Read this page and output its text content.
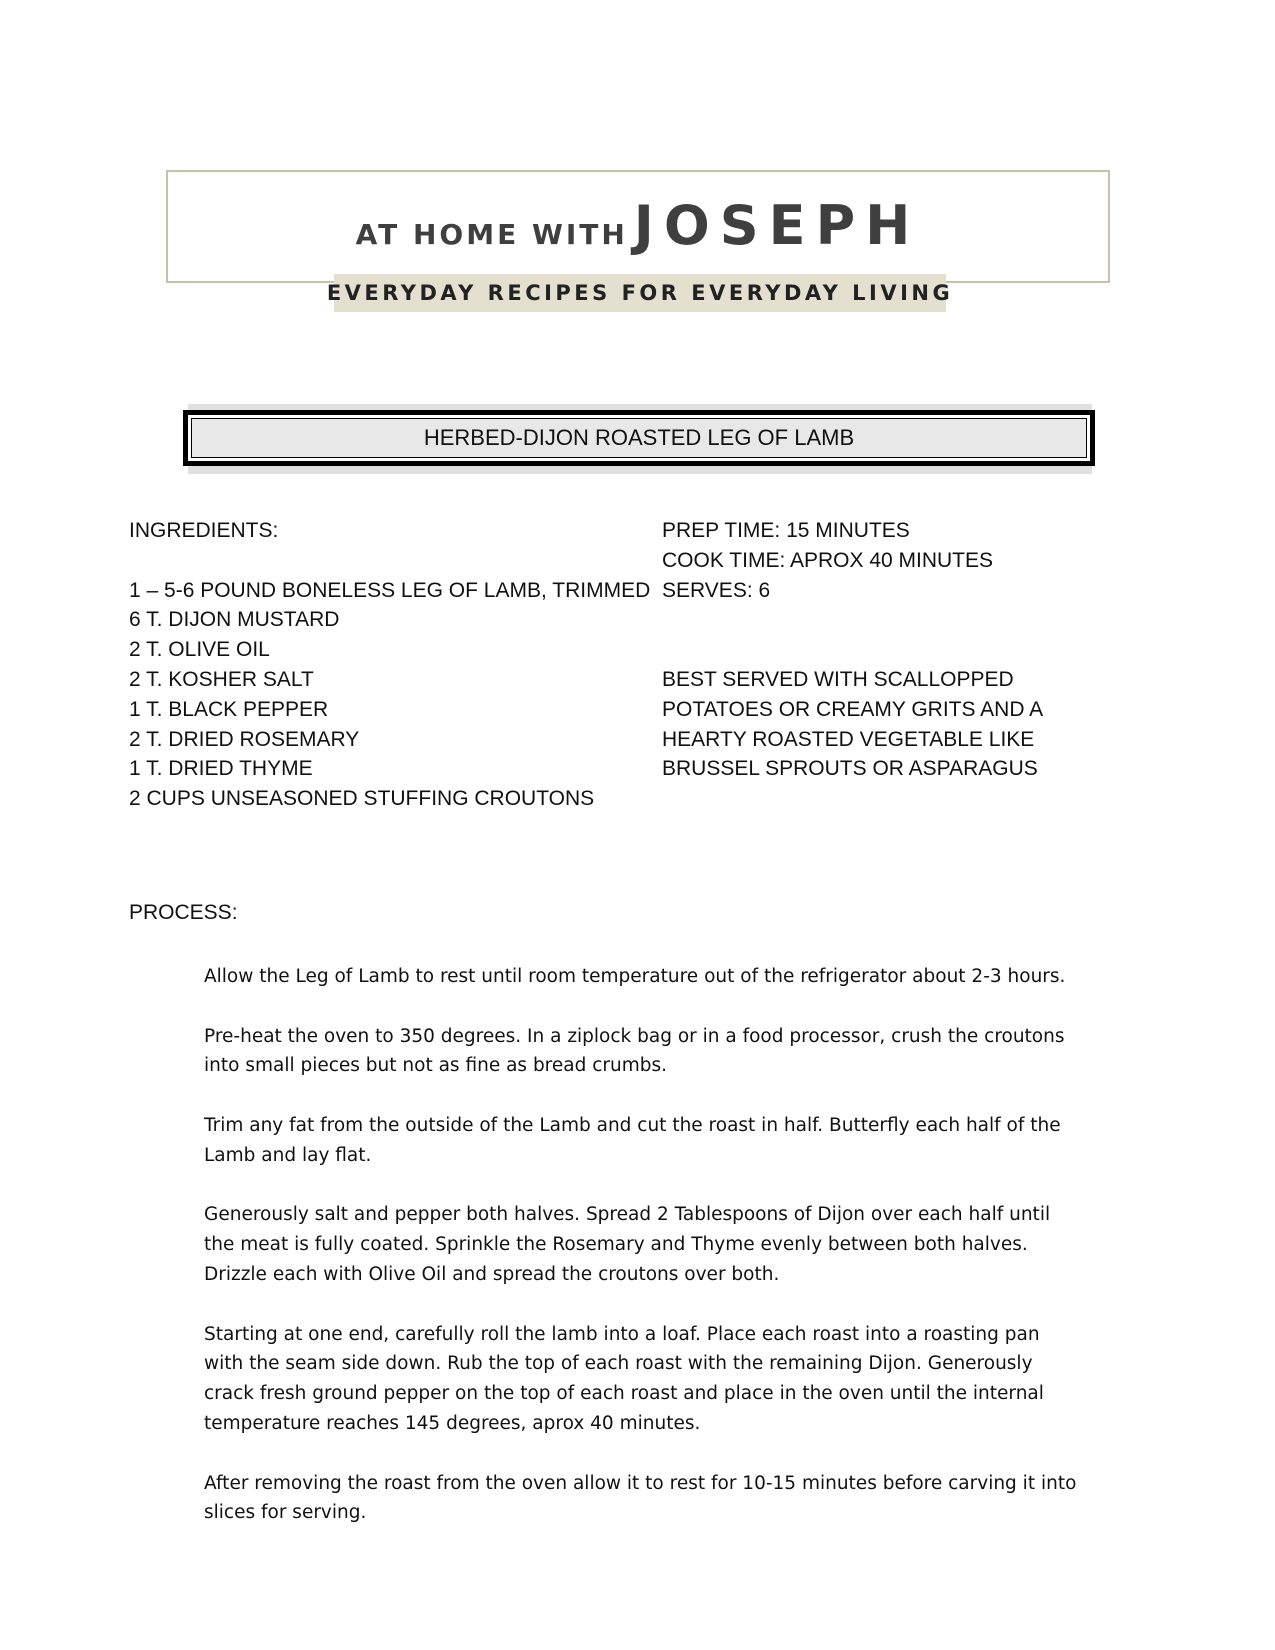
AT HOME WITH JOSEPH
EVERYDAY RECIPES FOR EVERYDAY LIVING
HERBED-DIJON ROASTED LEG OF LAMB
INGREDIENTS:
1 – 5-6 POUND BONELESS LEG OF LAMB, TRIMMED
6 T. DIJON MUSTARD
2 T. OLIVE OIL
2 T. KOSHER SALT
1 T. BLACK PEPPER
2 T. DRIED ROSEMARY
1 T. DRIED THYME
2 CUPS UNSEASONED STUFFING CROUTONS
PREP TIME: 15 MINUTES
COOK TIME: APROX 40 MINUTES
SERVES: 6
BEST SERVED WITH SCALLOPPED
POTATOES OR CREAMY GRITS AND A
HEARTY ROASTED VEGETABLE LIKE
BRUSSEL SPROUTS OR ASPARAGUS
PROCESS:

Allow the Leg of Lamb to rest until room temperature out of the refrigerator about 2-3 hours.

Pre-heat the oven to 350 degrees. In a ziplock bag or in a food processor, crush the croutons into small pieces but not as fine as bread crumbs.

Trim any fat from the outside of the Lamb and cut the roast in half. Butterfly each half of the Lamb and lay flat.

Generously salt and pepper both halves. Spread 2 Tablespoons of Dijon over each half until the meat is fully coated. Sprinkle the Rosemary and Thyme evenly between both halves. Drizzle each with Olive Oil and spread the croutons over both.

Starting at one end, carefully roll the lamb into a loaf. Place each roast into a roasting pan with the seam side down. Rub the top of each roast with the remaining Dijon. Generously crack fresh ground pepper on the top of each roast and place in the oven until the internal temperature reaches 145 degrees, aprox 40 minutes.

After removing the roast from the oven allow it to rest for 10-15 minutes before carving it into slices for serving.
